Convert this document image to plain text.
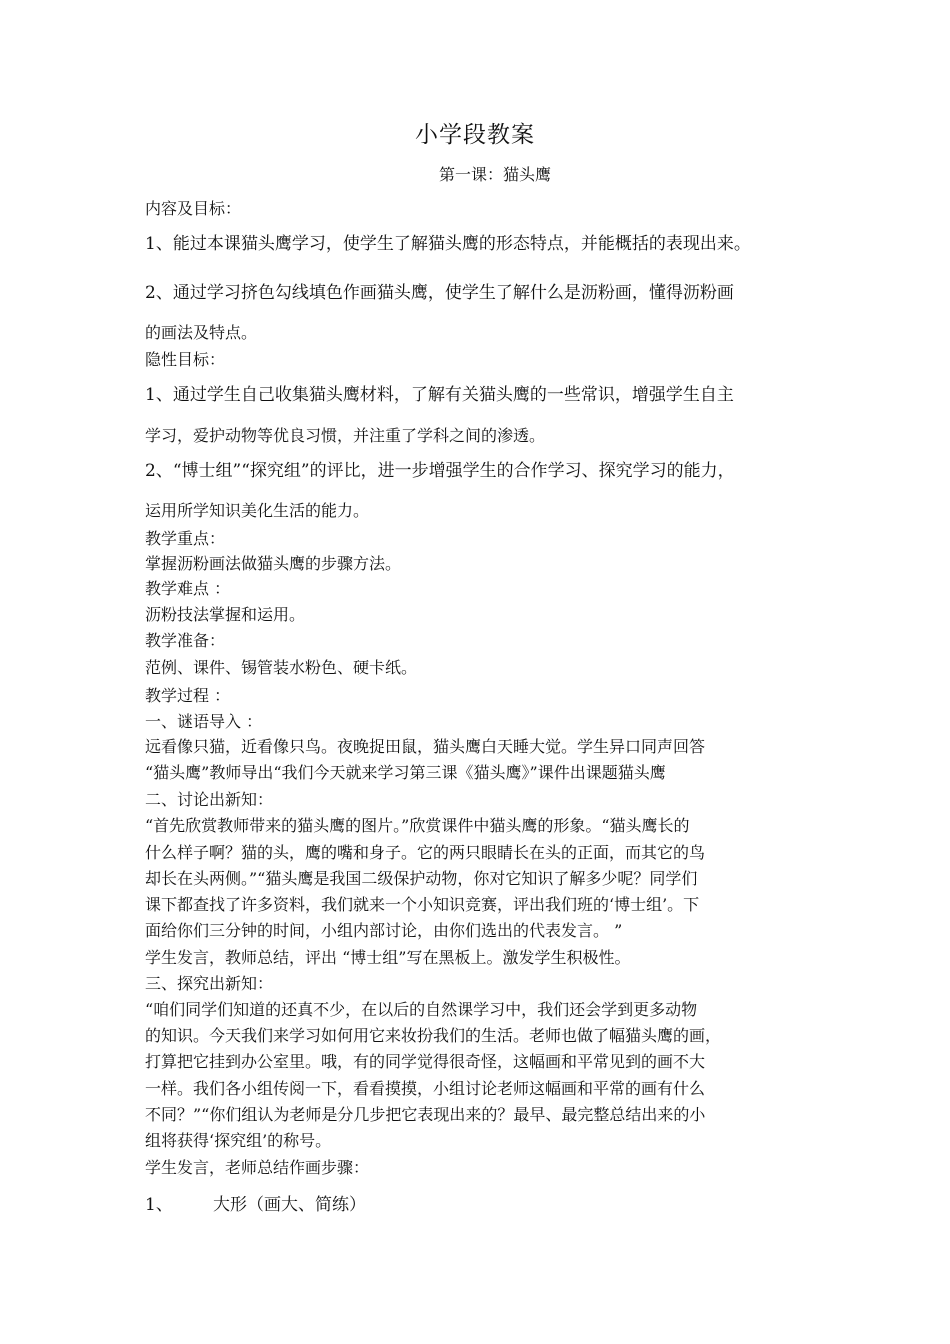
小学段教案
第一课：猫头鹰
内容及目标：
1、能过本课猫头鹰学习，使学生了解猫头鹰的形态特点，并能概括的表现出来。
2、通过学习挤色勾线填色作画猫头鹰，使学生了解什么是沥粉画，懂得沥粉画
的画法及特点。
隐性目标：
1、通过学生自己收集猫头鹰材料，了解有关猫头鹰的一些常识，增强学生自主
学习，爱护动物等优良习惯，并注重了学科之间的渗透。
2、“博士组”“探究组”的评比，进一步增强学生的合作学习、探究学习的能力，
运用所学知识美化生活的能力。
教学重点：
掌握沥粉画法做猫头鹰的步骤方法。
教学难点 ：
沥粉技法掌握和运用。
教学准备：
范例、课件、锡管装水粉色、硬卡纸。
教学过程 ：
一、谜语导入 ：
远看像只猫，近看像只鸟。夜晚捉田鼠，猫头鹰白天睡大觉。学生异口同声回答
“猫头鹰”教师导出“我们今天就来学习第三课《猫头鹰》”课件出课题猫头鹰
二、讨论出新知：
“首先欣赏教师带来的猫头鹰的图片。”欣赏课件中猫头鹰的形象。“猫头鹰长的
什么样子啊？猫的头，鹰的嘴和身子。它的两只眼睛长在头的正面，而其它的鸟
却长在头两侧。”“猫头鹰是我国二级保护动物，你对它知识了解多少呢？同学们
课下都查找了许多资料，我们就来一个小知识竞赛，评出我们班的‘博士组’。下
面给你们三分钟的时间，小组内部讨论，由你们选出的代表发言。 ”
学生发言，教师总结，评出 “博士组”写在黑板上。激发学生积极性。
三、探究出新知：
“咱们同学们知道的还真不少，在以后的自然课学习中，我们还会学到更多动物
的知识。今天我们来学习如何用它来妆扮我们的生活。老师也做了幅猫头鹰的画，
打算把它挂到办公室里。哦，有的同学觉得很奇怪，这幅画和平常见到的画不大
一样。我们各小组传阅一下，看看摸摸，小组讨论老师这幅画和平常的画有什么
不同？”“你们组认为老师是分几步把它表现出来的？最早、最完整总结出来的小
组将获得‘探究组’的称号。
学生发言，老师总结作画步骤：
1、 大形（画大、简练）
